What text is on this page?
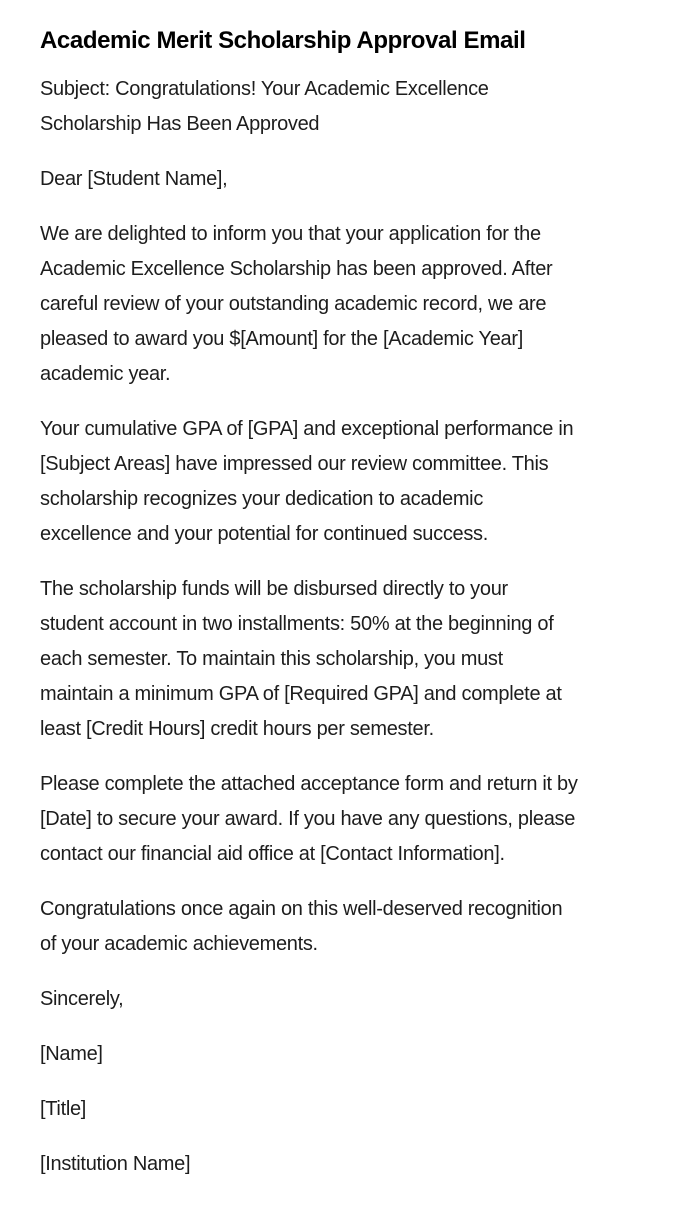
Academic Merit Scholarship Approval Email

Subject: Congratulations! Your Academic Excellence
Scholarship Has Been Approved

Dear [Student Name],

We are delighted to inform you that your application for the
Academic Excellence Scholarship has been approved. After
careful review of your outstanding academic record, we are
pleased to award you $[Amount] for the [Academic Year]
academic year.

Your cumulative GPA of [GPA] and exceptional performance in
[Subject Areas] have impressed our review committee. This
scholarship recognizes your dedication to academic
excellence and your potential for continued success.

The scholarship funds will be disbursed directly to your
student account in two installments: 50% at the beginning of
each semester. To maintain this scholarship, you must
maintain a minimum GPA of [Required GPA] and complete at
least [Credit Hours] credit hours per semester.

Please complete the attached acceptance form and return it by
[Date] to secure your award. If you have any questions, please
contact our financial aid office at [Contact Information].

Congratulations once again on this well-deserved recognition
of your academic achievements.

Sincerely,

[Name]

[Title]

[Institution Name]
